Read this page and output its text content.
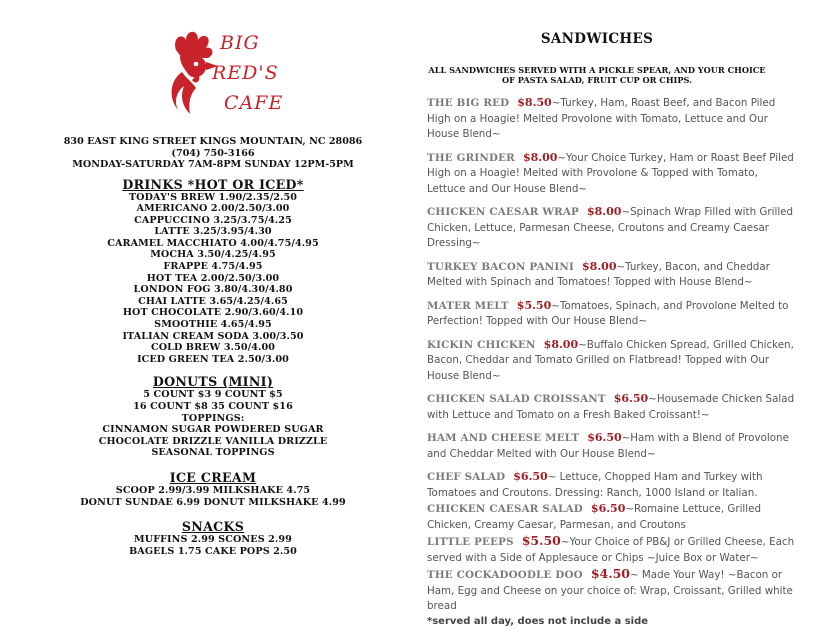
BIG
RED'S
CAFE
830 EAST KING STREET KINGS MOUNTAIN, NC 28086
(704) 750-3166
MONDAY-SATURDAY 7AM-8PM SUNDAY 12PM-5PM
DRINKS *HOT OR ICED*
TODAY'S BREW 1.90/2.35/2.50
AMERICANO 2.00/2.50/3.00
CAPPUCCINO 3.25/3.75/4.25
LATTE 3.25/3.95/4.30
CARAMEL MACCHIATO 4.00/4.75/4.95
MOCHA 3.50/4.25/4.95
FRAPPE 4.75/4.95
HOT TEA 2.00/2.50/3.00
LONDON FOG 3.80/4.30/4.80
CHAI LATTE 3.65/4.25/4.65
HOT CHOCOLATE 2.90/3.60/4.10
SMOOTHIE 4.65/4.95
ITALIAN CREAM SODA 3.00/3.50
COLD BREW 3.50/4.00
ICED GREEN TEA 2.50/3.00
DONUTS (MINI)
5 COUNT $3 9 COUNT $5
16 COUNT $8 35 COUNT $16
TOPPINGS:
CINNAMON SUGAR POWDERED SUGAR
CHOCOLATE DRIZZLE VANILLA DRIZZLE
SEASONAL TOPPINGS
ICE CREAM
SCOOP 2.99/3.99 MILKSHAKE 4.75
DONUT SUNDAE 6.99 DONUT MILKSHAKE 4.99
SNACKS
MUFFINS 2.99 SCONES 2.99
BAGELS 1.75 CAKE POPS 2.50
SANDWICHES
ALL SANDWICHES SERVED WITH A PICKLE SPEAR, AND YOUR CHOICE OF PASTA SALAD, FRUIT CUP OR CHIPS.
THE BIG RED $8.50~Turkey, Ham, Roast Beef, and Bacon Piled High on a Hoagie! Melted Provolone with Tomato, Lettuce and Our House Blend~
THE GRINDER $8.00~Your Choice Turkey, Ham or Roast Beef Piled High on a Hoagie! Melted with Provolone & Topped with Tomato, Lettuce and Our House Blend~
CHICKEN CAESAR WRAP $8.00~Spinach Wrap Filled with Grilled Chicken, Lettuce, Parmesan Cheese, Croutons and Creamy Caesar Dressing~
TURKEY BACON PANINI $8.00~Turkey, Bacon, and Cheddar Melted with Spinach and Tomatoes! Topped with House Blend~
MATER MELT $5.50~Tomatoes, Spinach, and Provolone Melted to Perfection! Topped with Our House Blend~
KICKIN CHICKEN $8.00~Buffalo Chicken Spread, Grilled Chicken, Bacon, Cheddar and Tomato Grilled on Flatbread! Topped with Our House Blend~
CHICKEN SALAD CROISSANT $6.50~Housemade Chicken Salad with Lettuce and Tomato on a Fresh Baked Croissant!~
HAM AND CHEESE MELT $6.50~Ham with a Blend of Provolone and Cheddar Melted with Our House Blend~
CHEF SALAD $6.50~ Lettuce, Chopped Ham and Turkey with Tomatoes and Croutons. Dressing: Ranch, 1000 Island or Italian.
CHICKEN CAESAR SALAD $6.50~Romaine Lettuce, Grilled Chicken, Creamy Caesar, Parmesan, and Croutons
LITTLE PEEPS $5.50~Your Choice of PB&J or Grilled Cheese, Each served with a Side of Applesauce or Chips ~Juice Box or Water~
THE COCKADOODLE DOO $4.50~ Made Your Way! ~Bacon or Ham, Egg and Cheese on your choice of: Wrap, Croissant, Grilled white bread
*served all day, does not include a side
